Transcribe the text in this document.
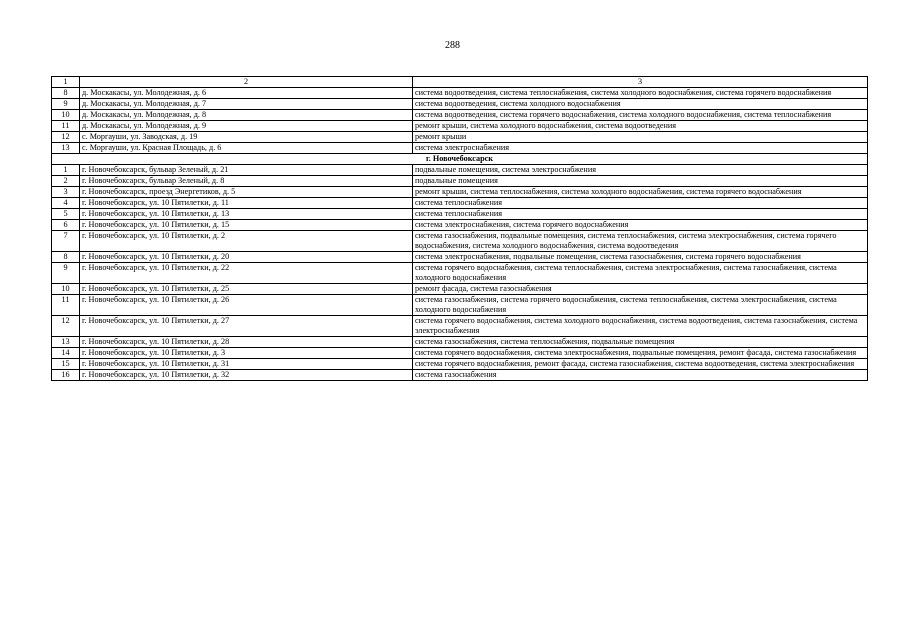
288
1	2	3
8	д. Москакасы, ул. Молодежная, д. 6	система водоотведения, система теплоснабжения, система холодного водоснабжения, система горячего водоснабжения
9	д. Москакасы, ул. Молодежная, д. 7	система водоотведения, система холодного водоснабжения
10	д. Москакасы, ул. Молодежная, д. 8	система водоотведения, система горячего водоснабжения, система холодного водоснабжения, система теплоснабжения
11	д. Москакасы, ул. Молодежная, д. 9	ремонт крыши, система холодного водоснабжения, система водоотведения
12	с. Моргауши, ул. Заводская, д. 19	ремонт крыши
13	с. Моргауши, ул. Красная Площадь, д. 6	система электроснабжения
г. Новочебоксарск		
1	г. Новочебоксарск, бульвар Зеленый, д. 21	подвальные помещения, система электроснабжения
2	г. Новочебоксарск, бульвар Зеленый, д. 8	подвальные помещения
3	г. Новочебоксарск, проезд Энергетиков, д. 5	ремонт крыши, система теплоснабжения, система холодного водоснабжения, система горячего водоснабжения
4	г. Новочебоксарск, ул. 10 Пятилетки, д. 11	система теплоснабжения
5	г. Новочебоксарск, ул. 10 Пятилетки, д. 13	система теплоснабжения
6	г. Новочебоксарск, ул. 10 Пятилетки, д. 15	система электроснабжения, система горячего водоснабжения
7	г. Новочебоксарск, ул. 10 Пятилетки, д. 2	система газоснабжения, подвальные помещения, система теплоснабжения, система электроснабжения, система горячего водоснабжения, система холодного водоснабжения, система водоотведения
8	г. Новочебоксарск, ул. 10 Пятилетки, д. 20	система электроснабжения, подвальные помещения, система газоснабжения, система горячего водоснабжения
9	г. Новочебоксарск, ул. 10 Пятилетки, д. 22	система горячего водоснабжения, система теплоснабжения, система электроснабжения, система газоснабжения, система холодного водоснабжения
10	г. Новочебоксарск, ул. 10 Пятилетки, д. 25	ремонт фасада, система газоснабжения
11	г. Новочебоксарск, ул. 10 Пятилетки, д. 26	система газоснабжения, система горячего водоснабжения, система теплоснабжения, система электроснабжения, система холодного водоснабжения
12	г. Новочебоксарск, ул. 10 Пятилетки, д. 27	система горячего водоснабжения, система холодного водоснабжения, система водоотведения, система газоснабжения, система электроснабжения
13	г. Новочебоксарск, ул. 10 Пятилетки, д. 28	система газоснабжения, система теплоснабжения, подвальные помещения
14	г. Новочебоксарск, ул. 10 Пятилетки, д. 3	система горячего водоснабжения, система электроснабжения, подвальные помещения, ремонт фасада, система газоснабжения
15	г. Новочебоксарск, ул. 10 Пятилетки, д. 31	система горячего водоснабжения, ремонт фасада, система газоснабжения, система водоотведения, система электроснабжения
16	г. Новочебоксарск, ул. 10 Пятилетки, д. 32	система газоснабжения
